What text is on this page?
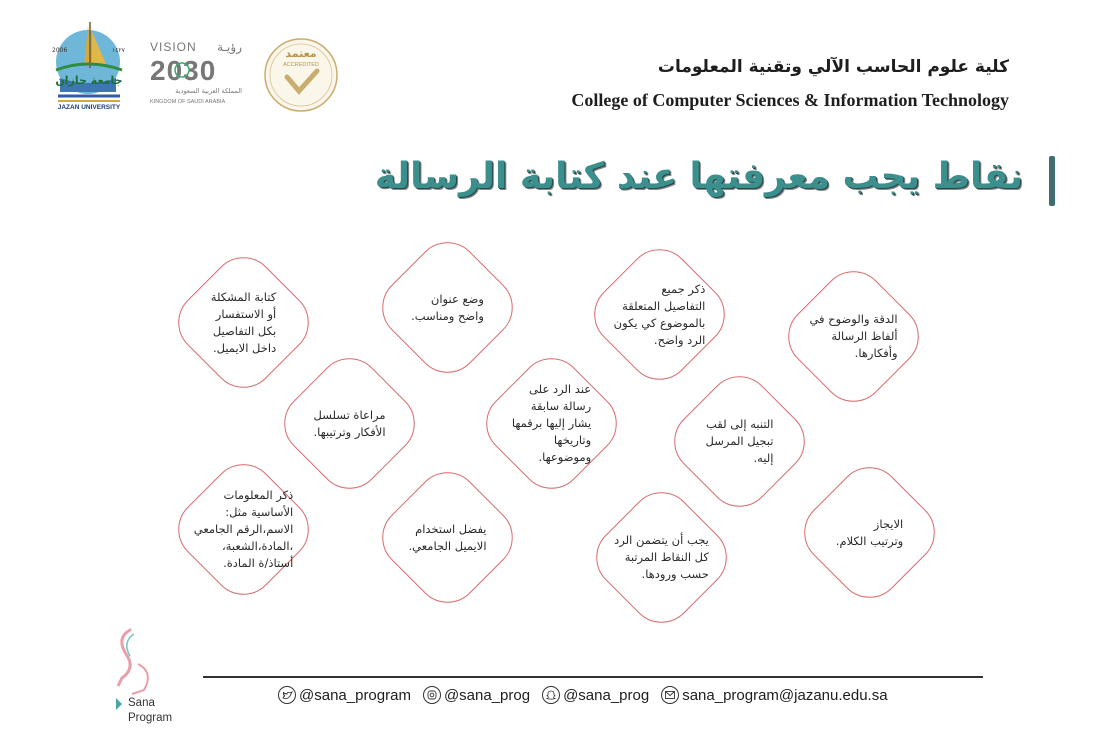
2006	١٤٢٧
جامعة جازان
JAZAN UNIVERSITY
VISION رؤيـة
2030
المملكة العربية السعودية
KINGDOM OF SAUDI ARABIA
معتمد
ACCREDITED	كلية علوم الحاسب الآلي وتقنية المعلومات
College of Computer Sciences & Information Technology
نقاط يجب معرفتها عند كتابة الرسالة
الدقة والوضوح في
ألفاظ الرسالة
وأفكارها.
ذكر جميع
التفاصيل المتعلقة
بالموضوع كي يكون
الرد واضح.
وضع عنوان
واضح ومناسب.
كتابة المشكلة
أو الاستفسار
بكل التفاصيل
داخل الايميل.
التنبه إلى لقب
تبجيل المرسل
إليه.
عند الرد على
رسالة سابقة
يشار إليها برقمها
وتاريخها
وموضوعها.
مراعاة تسلسل
الأفكار وترتيبها.
الايجاز
وترتيب الكلام.
يجب أن يتضمن الرد
كل النقاط المرتبة
حسب ورودها.
يفضل استخدام
الايميل الجامعي.
ذكر المعلومات
الأساسية مثل:
الاسم،الرقم الجامعي
،المادة،الشعبة،
أستاذ/ة المادة.
Sana
Program
@sana_program @sana_prog @sana_prog sana_program@jazanu.edu.sa
